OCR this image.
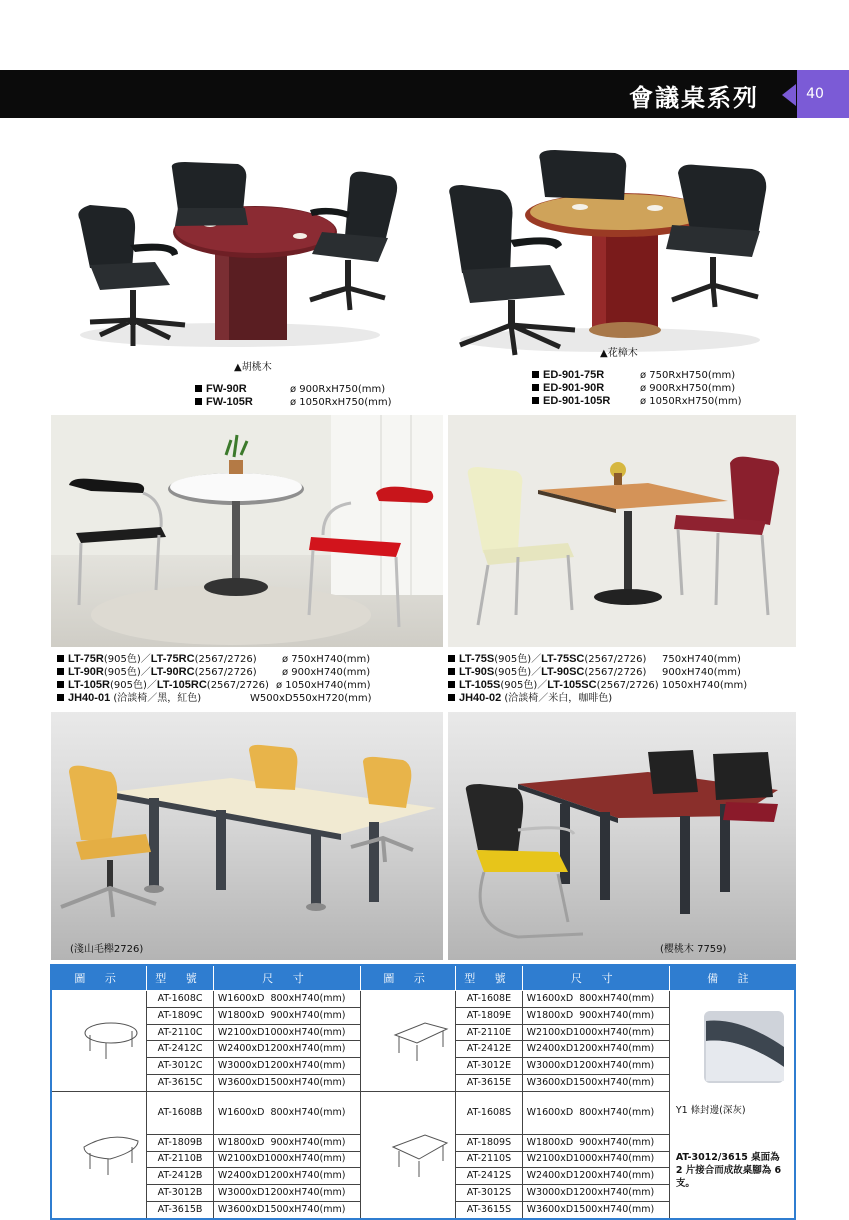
會議桌系列	40
▲胡桃木
FW-90R	ø 900RxH750(mm)
FW-105R	ø 1050RxH750(mm)
▲花樟木
ED-901-75R	ø 750RxH750(mm)
ED-901-90R	ø 900RxH750(mm)
ED-901-105R	ø 1050RxH750(mm)
LT-75R(905色)／LT-75RC(2567/2726)	ø 750xH740(mm)
LT-90R(905色)／LT-90RC(2567/2726)	ø 900xH740(mm)
LT-105R(905色)／LT-105RC(2567/2726) ø 1050xH740(mm)
JH40-01 (洽談椅／黑，紅色)	W500xD550xH720(mm)
LT-75S(905色)／LT-75SC(2567/2726) 750xH740(mm)
LT-90S(905色)／LT-90SC(2567/2726) 900xH740(mm)
LT-105S(905色)／LT-105SC(2567/2726) 1050xH740(mm)
JH40-02 (洽談椅／米白，咖啡色)
(淺山毛櫸2726)	(櫻桃木 7759)
圖 示	型 號	尺 寸	圖 示	型 號	尺 寸	備 註

	AT-1608C	W1600xD  800xH740(mm)		AT-1608E	W1600xD  800xH740(mm)	Y1 條封邊(深灰)

AT-3012/3615 桌面為 2 片接合而成故桌腳為 6 支。

	AT-1809C	W1800xD  900xH740(mm)		AT-1809E	W1800xD  900xH740(mm)	
	AT-2110C	W2100xD1000xH740(mm)		AT-2110E	W2100xD1000xH740(mm)	
	AT-2412C	W2400xD1200xH740(mm)		AT-2412E	W2400xD1200xH740(mm)	
	AT-3012C	W3000xD1200xH740(mm)		AT-3012E	W3000xD1200xH740(mm)	
	AT-3615C	W3600xD1500xH740(mm)		AT-3615E	W3600xD1500xH740(mm)	

	AT-1608B	W1600xD  800xH740(mm)		AT-1608S	W1600xD  800xH740(mm)	
	AT-1809B	W1800xD  900xH740(mm)		AT-1809S	W1800xD  900xH740(mm)	
	AT-2110B	W2100xD1000xH740(mm)		AT-2110S	W2100xD1000xH740(mm)	
	AT-2412B	W2400xD1200xH740(mm)		AT-2412S	W2400xD1200xH740(mm)	
	AT-3012B	W3000xD1200xH740(mm)		AT-3012S	W3000xD1200xH740(mm)	
	AT-3615B	W3600xD1500xH740(mm)		AT-3615S	W3600xD1500xH740(mm)	
